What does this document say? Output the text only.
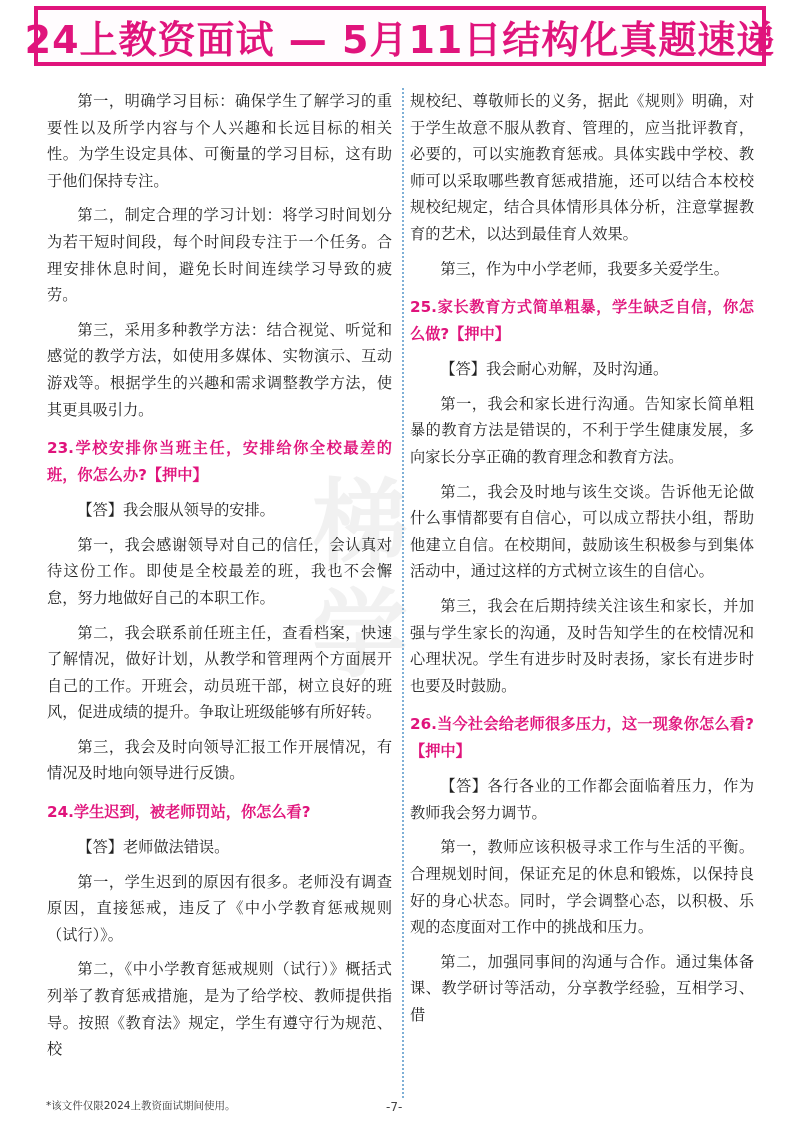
24上教资面试 — 5月11日结构化真题速递
梯学

第一，明确学习目标：确保学生了解学习的重要性以及所学内容与个人兴趣和长远目标的相关性。为学生设定具体、可衡量的学习目标，这有助于他们保持专注。

第二，制定合理的学习计划：将学习时间划分为若干短时间段，每个时间段专注于一个任务。合理安排休息时间，避免长时间连续学习导致的疲劳。

第三，采用多种教学方法：结合视觉、听觉和感觉的教学方法，如使用多媒体、实物演示、互动游戏等。根据学生的兴趣和需求调整教学方法，使其更具吸引力。

23.学校安排你当班主任，安排给你全校最差的班，你怎么办?【押中】

【答】我会服从领导的安排。

第一，我会感谢领导对自己的信任，会认真对待这份工作。即使是全校最差的班，我也不会懈怠，努力地做好自己的本职工作。

第二，我会联系前任班主任，查看档案，快速了解情况，做好计划，从教学和管理两个方面展开自己的工作。开班会，动员班干部，树立良好的班风，促进成绩的提升。争取让班级能够有所好转。

第三，我会及时向领导汇报工作开展情况，有情况及时地向领导进行反馈。

24.学生迟到，被老师罚站，你怎么看?

【答】老师做法错误。

第一，学生迟到的原因有很多。老师没有调查原因，直接惩戒，违反了《中小学教育惩戒规则（试行）》。

第二，《中小学教育惩戒规则（试行）》概括式列举了教育惩戒措施，是为了给学校、教师提供指导。按照《教育法》规定，学生有遵守行为规范、校

规校纪、尊敬师长的义务，据此《规则》明确，对于学生故意不服从教育、管理的，应当批评教育，必要的，可以实施教育惩戒。具体实践中学校、教师可以采取哪些教育惩戒措施，还可以结合本校校规校纪规定，结合具体情形具体分析，注意掌握教育的艺术，以达到最佳育人效果。

第三，作为中小学老师，我要多关爱学生。

25.家长教育方式简单粗暴，学生缺乏自信，你怎么做?【押中】

【答】我会耐心劝解，及时沟通。

第一，我会和家长进行沟通。告知家长简单粗暴的教育方法是错误的，不利于学生健康发展，多向家长分享正确的教育理念和教育方法。

第二，我会及时地与该生交谈。告诉他无论做什么事情都要有自信心，可以成立帮扶小组，帮助他建立自信。在校期间，鼓励该生积极参与到集体活动中，通过这样的方式树立该生的自信心。

第三，我会在后期持续关注该生和家长，并加强与学生家长的沟通，及时告知学生的在校情况和心理状况。学生有进步时及时表扬，家长有进步时也要及时鼓励。

26.当今社会给老师很多压力，这一现象你怎么看?【押中】

【答】各行各业的工作都会面临着压力，作为教师我会努力调节。

第一，教师应该积极寻求工作与生活的平衡。合理规划时间，保证充足的休息和锻炼，以保持良好的身心状态。同时，学会调整心态，以积极、乐观的态度面对工作中的挑战和压力。

第二，加强同事间的沟通与合作。通过集体备课、教学研讨等活动，分享教学经验，互相学习、借

*该文件仅限2024上教资面试期间使用。	-7-
